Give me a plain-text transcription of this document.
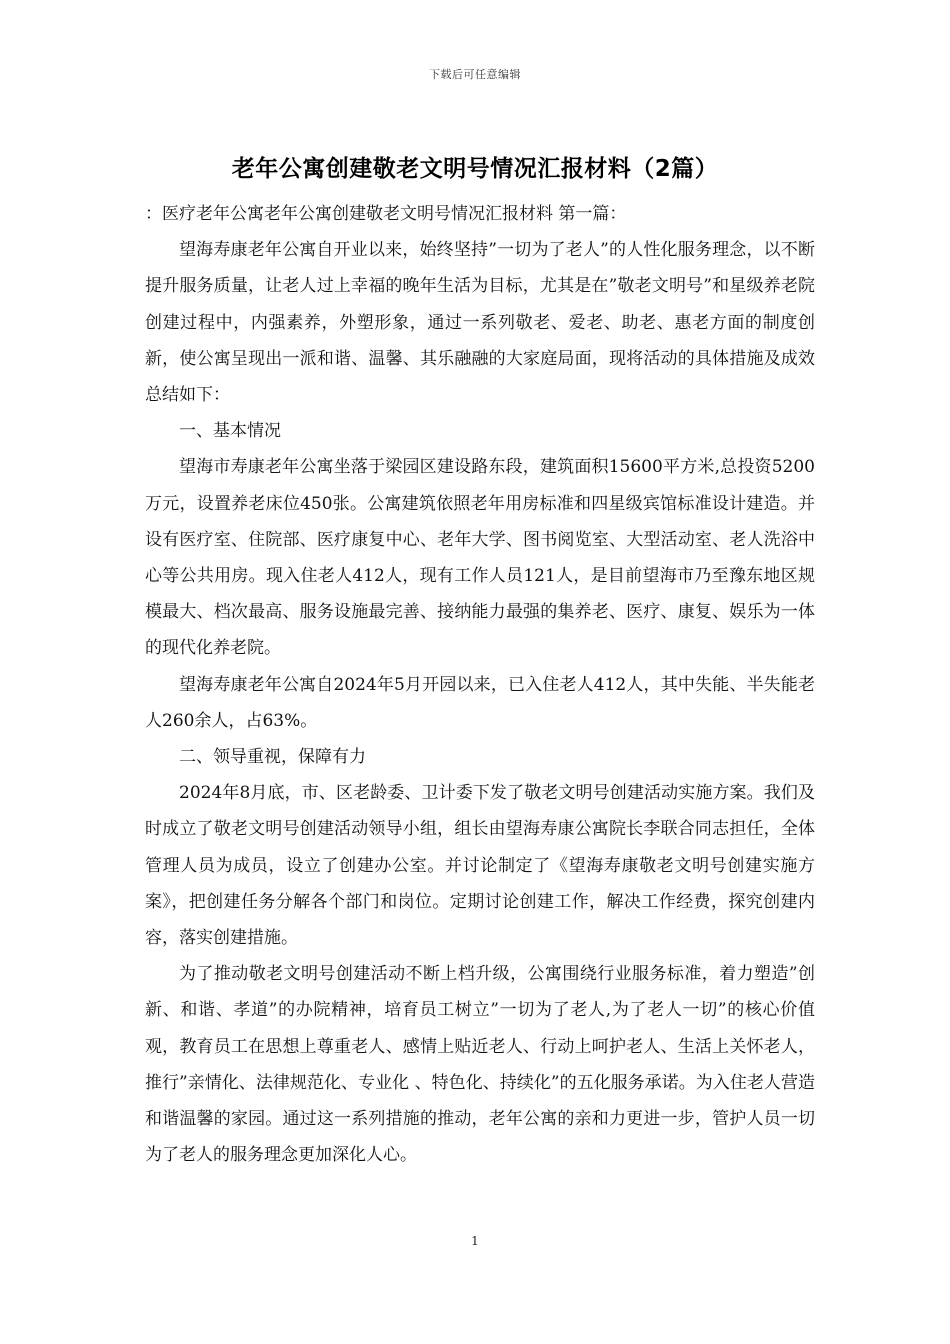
下载后可任意编辑
老年公寓创建敬老文明号情况汇报材料（2篇）

：医疗老年公寓老年公寓创建敬老文明号情况汇报材料 第一篇：

望海寿康老年公寓自开业以来，始终坚持”一切为了老人”的人性化服务理念，以不断提升服务质量，让老人过上幸福的晚年生活为目标，尤其是在”敬老文明号”和星级养老院创建过程中，内强素养，外塑形象，通过一系列敬老、爱老、助老、惠老方面的制度创新，使公寓呈现出一派和谐、温馨、其乐融融的大家庭局面，现将活动的具体措施及成效总结如下：

一、基本情况

望海市寿康老年公寓坐落于梁园区建设路东段，建筑面积15600平方米,总投资5200万元，设置养老床位450张。公寓建筑依照老年用房标准和四星级宾馆标准设计建造。并设有医疗室、住院部、医疗康复中心、老年大学、图书阅览室、大型活动室、老人洗浴中心等公共用房。现入住老人412人，现有工作人员121人，是目前望海市乃至豫东地区规模最大、档次最高、服务设施最完善、接纳能力最强的集养老、医疗、康复、娱乐为一体的现代化养老院。

望海寿康老年公寓自2024年5月开园以来，已入住老人412人，其中失能、半失能老人260余人，占63%。

二、领导重视，保障有力

2024年8月底，市、区老龄委、卫计委下发了敬老文明号创建活动实施方案。我们及时成立了敬老文明号创建活动领导小组，组长由望海寿康公寓院长李联合同志担任，全体管理人员为成员，设立了创建办公室。并讨论制定了《望海寿康敬老文明号创建实施方案》，把创建任务分解各个部门和岗位。定期讨论创建工作，解决工作经费，探究创建内容，落实创建措施。

为了推动敬老文明号创建活动不断上档升级，公寓围绕行业服务标准，着力塑造”创新、和谐、孝道”的办院精神，培育员工树立”一切为了老人,为了老人一切”的核心价值观，教育员工在思想上尊重老人、感情上贴近老人、行动上呵护老人、生活上关怀老人，推行”亲情化、法律规范化、专业化 、特色化、持续化”的五化服务承诺。为入住老人营造和谐温馨的家园。通过这一系列措施的推动，老年公寓的亲和力更进一步，管护人员一切为了老人的服务理念更加深化人心。

1
